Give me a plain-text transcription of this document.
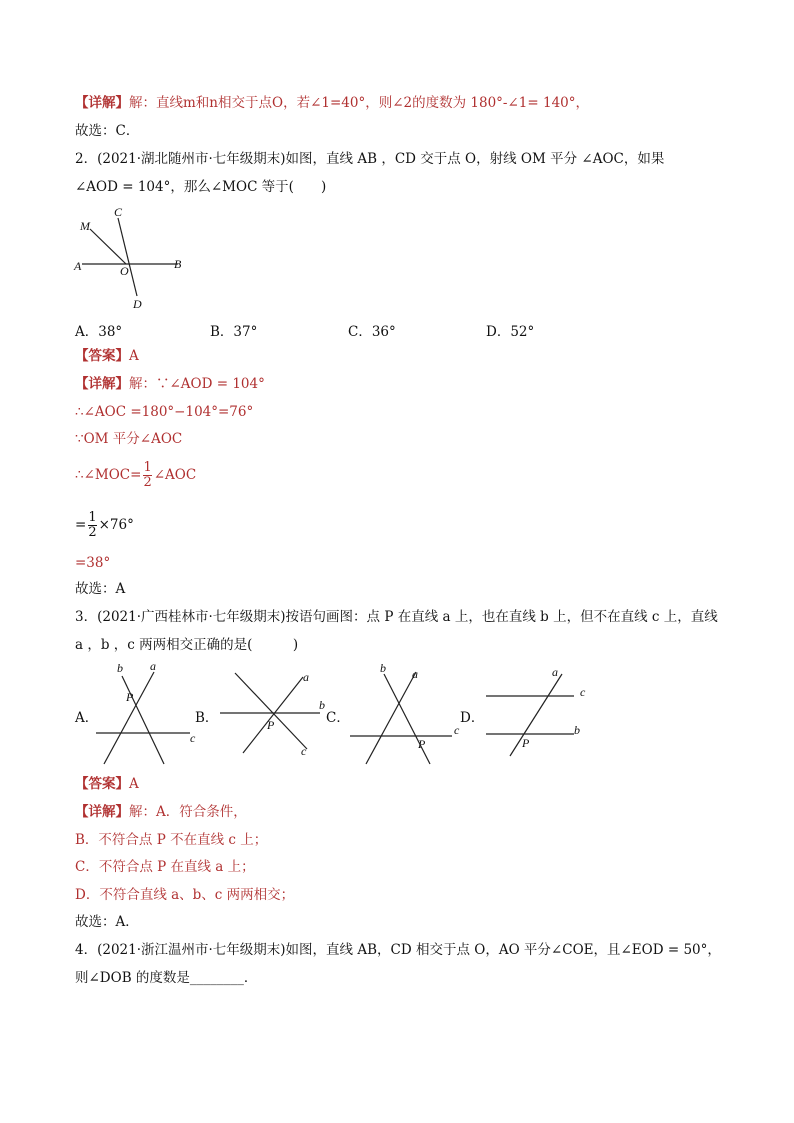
【详解】解：直线m和n相交于点O，若∠1=40°，则∠2的度数为 180°-∠1= 140°，
故选：C．
2．(2021·湖北随州市·七年级期末)如图，直线 AB ，CD 交于点 O，射线 OM 平分 ∠AOC，如果
∠AOD = 104°，那么∠MOC 等于(　　)
M
C
A	O	B
D
A．38°	B．37°	C．36°	D．52°
【答案】A
【详解】解：∵∠AOD = 104°
∴∠AOC =180°−104°=76°
∵OM 平分∠AOC
∴∠MOC= $\frac{1}{2}$ ∠AOC
= $\frac{1}{2} \times 76^\circ$
=38°
故选：A
3．(2021·广西桂林市·七年级期末)按语句画图：点 P 在直线 a 上，也在直线 b 上，但不在直线 c 上，直线
a ，b ，c 两两相交正确的是(　　　)
A．
b a
P
c
B．
a
b
P
c
C．
b a
P
c
D．
a
c
b
P
【答案】A
【详解】解：A．符合条件，
B．不符合点 P 不在直线 c 上；
C．不符合点 P 在直线 a 上；
D．不符合直线 a、b、c 两两相交；
故选：A．
4．(2021·浙江温州市·七年级期末)如图，直线 AB，CD 相交于点 O，AO 平分∠COE，且∠EOD = 50°，
则∠DOB 的度数是________．
